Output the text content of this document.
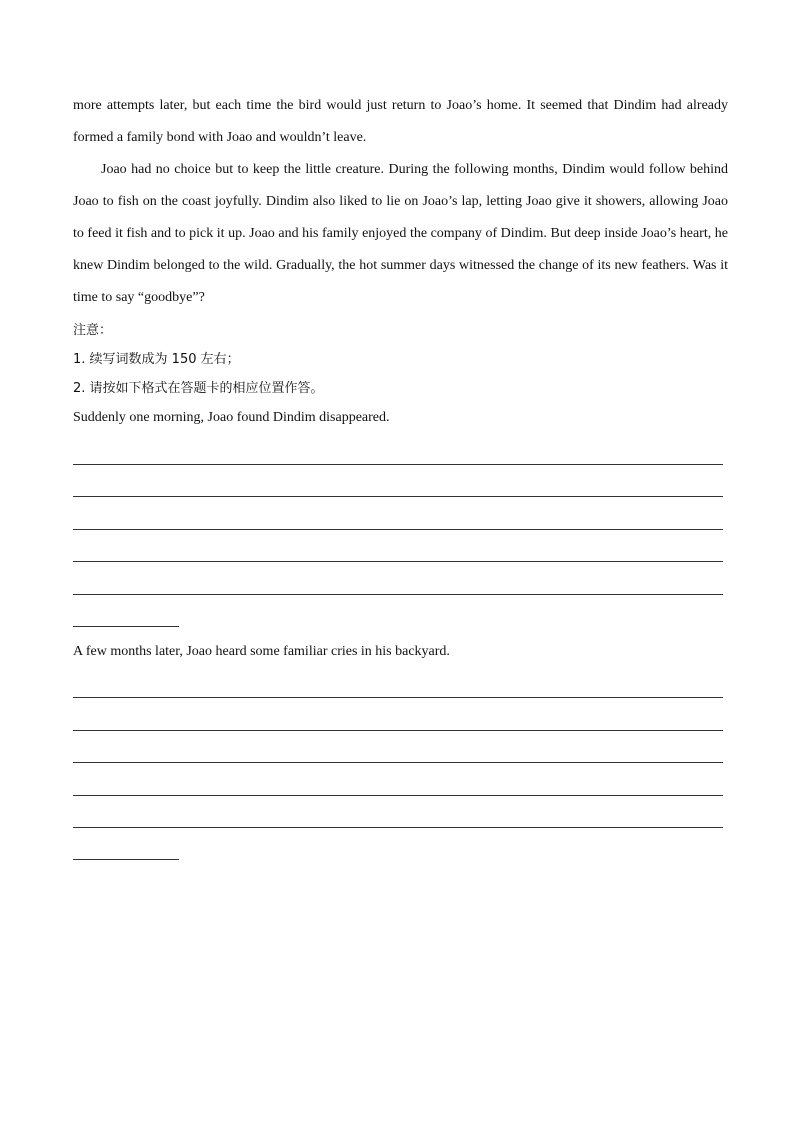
more attempts later, but each time the bird would just return to Joao’s home. It seemed that Dindim had already formed a family bond with Joao and wouldn’t leave.

Joao had no choice but to keep the little creature. During the following months, Dindim would follow behind Joao to fish on the coast joyfully. Dindim also liked to lie on Joao’s lap, letting Joao give it showers, allowing Joao to feed it fish and to pick it up. Joao and his family enjoyed the company of Dindim. But deep inside Joao’s heart, he knew Dindim belonged to the wild. Gradually, the hot summer days witnessed the change of its new feathers. Was it time to say “goodbye”?

注意：

1. 续写词数成为 150 左右；

2. 请按如下格式在答题卡的相应位置作答。

Suddenly one morning, Joao found Dindim disappeared.

A few months later, Joao heard some familiar cries in his backyard.
